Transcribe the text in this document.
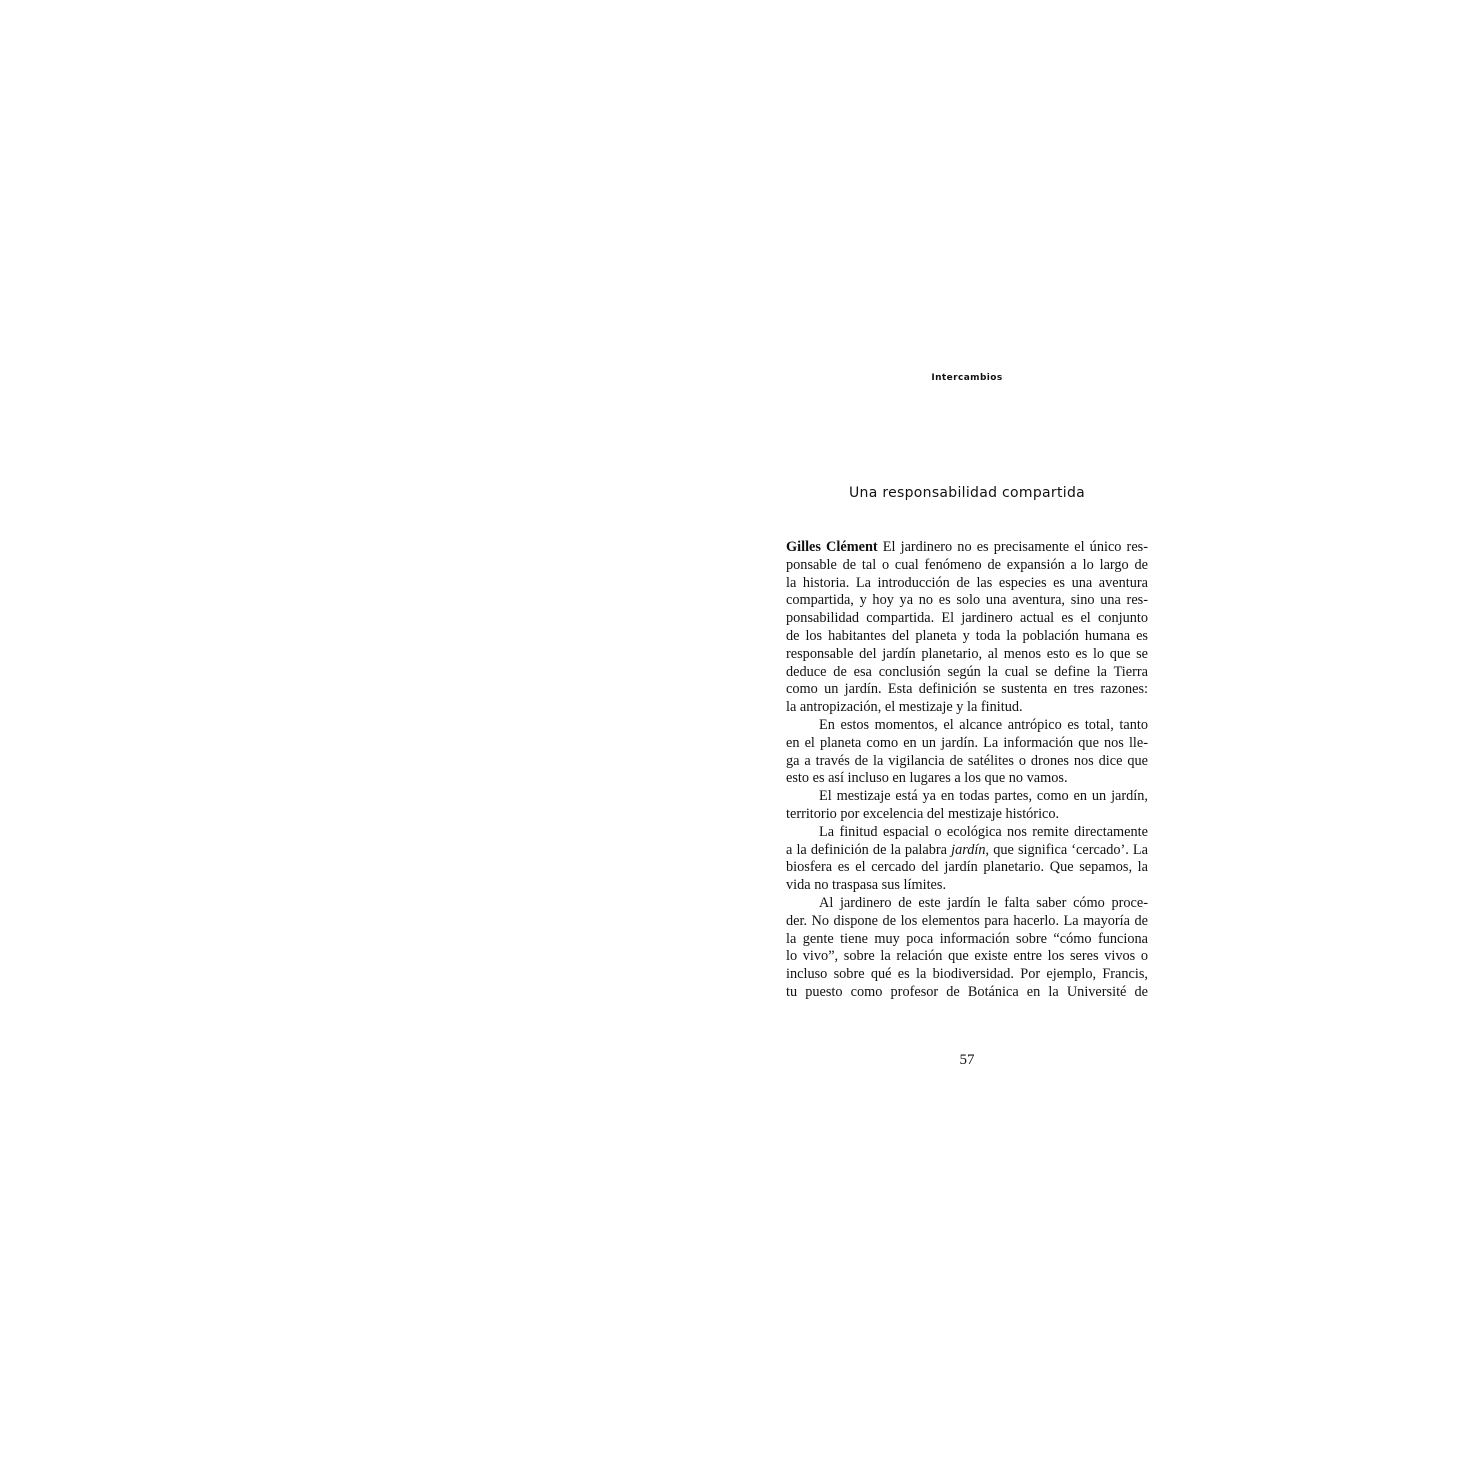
Intercambios
Una responsabilidad compartida
Gilles Clément El jardinero no es precisamente el único res-
ponsable de tal o cual fenómeno de expansión a lo largo de
la historia. La introducción de las especies es una aventura
compartida, y hoy ya no es solo una aventura, sino una res-
ponsabilidad compartida. El jardinero actual es el conjunto
de los habitantes del planeta y toda la población humana es
responsable del jardín planetario, al menos esto es lo que se
deduce de esa conclusión según la cual se define la Tierra
como un jardín. Esta definición se sustenta en tres razones:
la antropización, el mestizaje y la finitud.
En estos momentos, el alcance antrópico es total, tanto
en el planeta como en un jardín. La información que nos lle-
ga a través de la vigilancia de satélites o drones nos dice que
esto es así incluso en lugares a los que no vamos.
El mestizaje está ya en todas partes, como en un jardín,
territorio por excelencia del mestizaje histórico.
La finitud espacial o ecológica nos remite directamente
a la definición de la palabra jardín, que significa ‘cercado’. La
biosfera es el cercado del jardín planetario. Que sepamos, la
vida no traspasa sus límites.
Al jardinero de este jardín le falta saber cómo proce-
der. No dispone de los elementos para hacerlo. La mayoría de
la gente tiene muy poca información sobre “cómo funciona
lo vivo”, sobre la relación que existe entre los seres vivos o
incluso sobre qué es la biodiversidad. Por ejemplo, Francis,
tu puesto como profesor de Botánica en la Université de
57
